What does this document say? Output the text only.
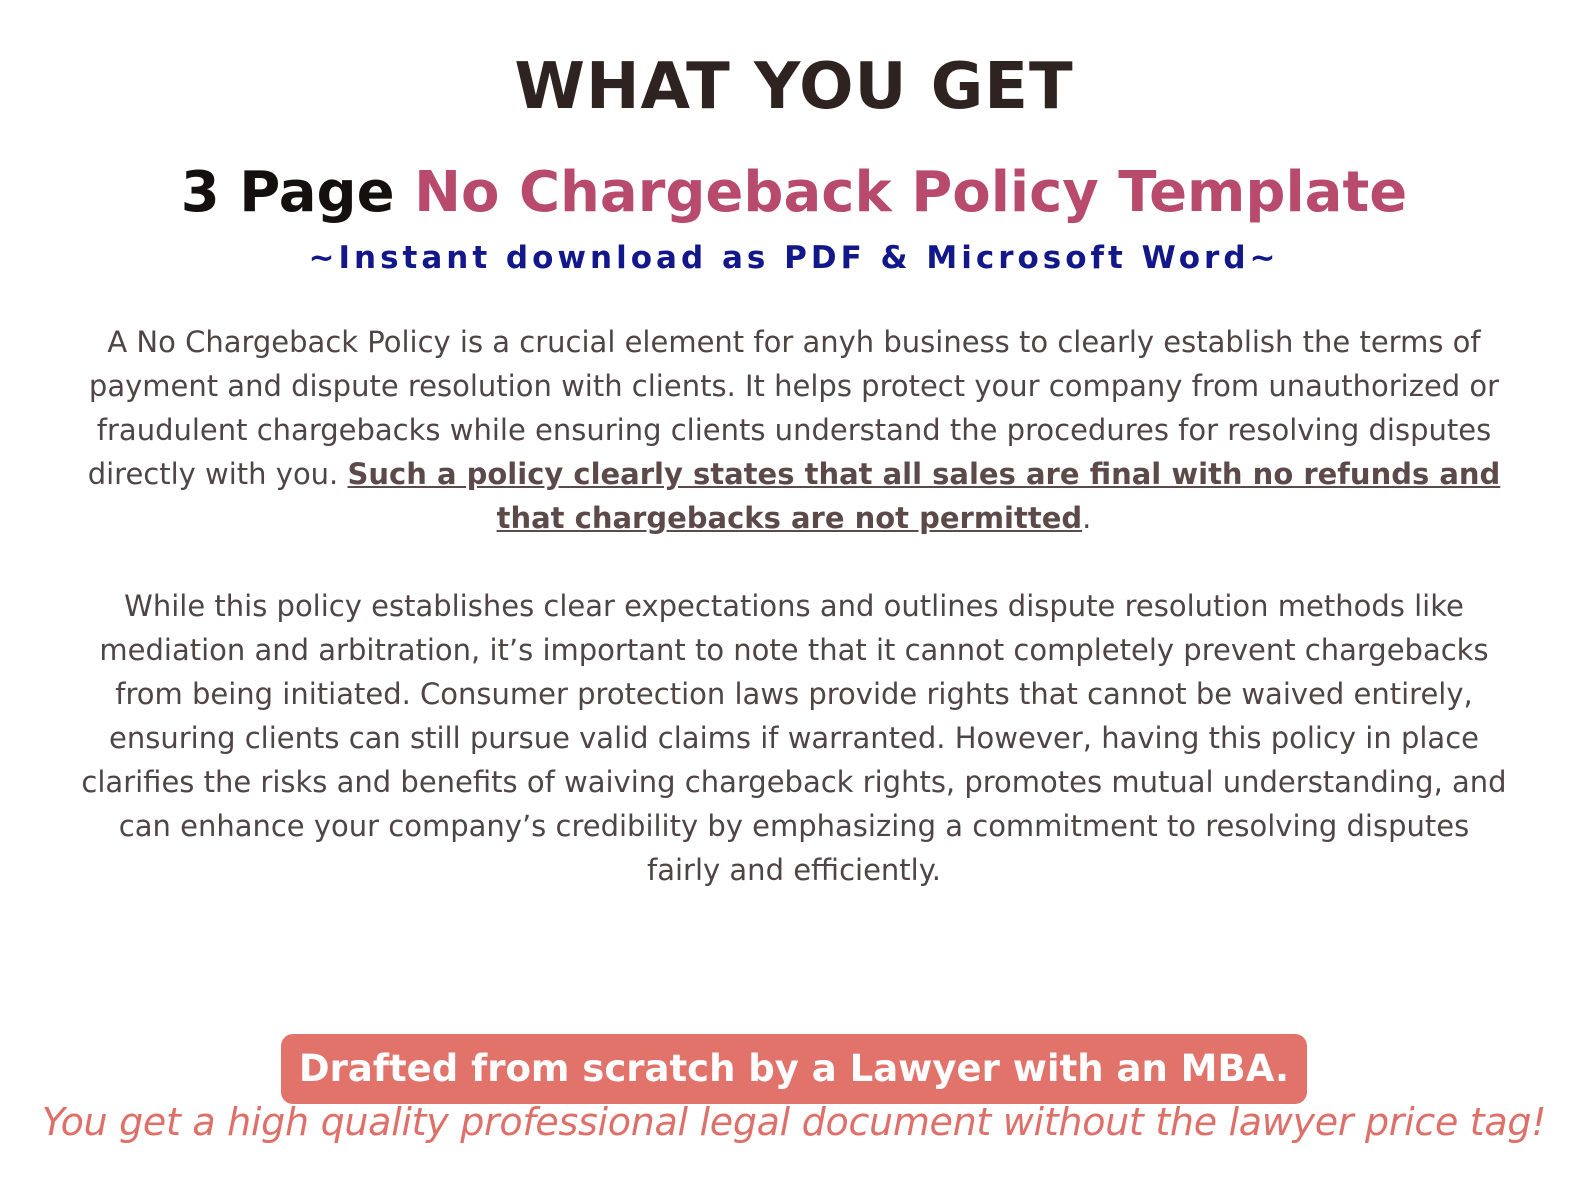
WHAT YOU GET
3 Page No Chargeback Policy Template

~Instant download as PDF & Microsoft Word~

A No Chargeback Policy is a crucial element for anyh business to clearly establish the terms of payment and dispute resolution with clients. It helps protect your company from unauthorized or fraudulent chargebacks while ensuring clients understand the procedures for resolving disputes directly with you. Such a policy clearly states that all sales are final with no refunds and that chargebacks are not permitted.

While this policy establishes clear expectations and outlines dispute resolution methods like mediation and arbitration, it’s important to note that it cannot completely prevent chargebacks from being initiated. Consumer protection laws provide rights that cannot be waived entirely, ensuring clients can still pursue valid claims if warranted. However, having this policy in place clarifies the risks and benefits of waiving chargeback rights, promotes mutual understanding, and can enhance your company’s credibility by emphasizing a commitment to resolving disputes fairly and efficiently.

Drafted from scratch by a Lawyer with an MBA.

You get a high quality professional legal document without the lawyer price tag!
